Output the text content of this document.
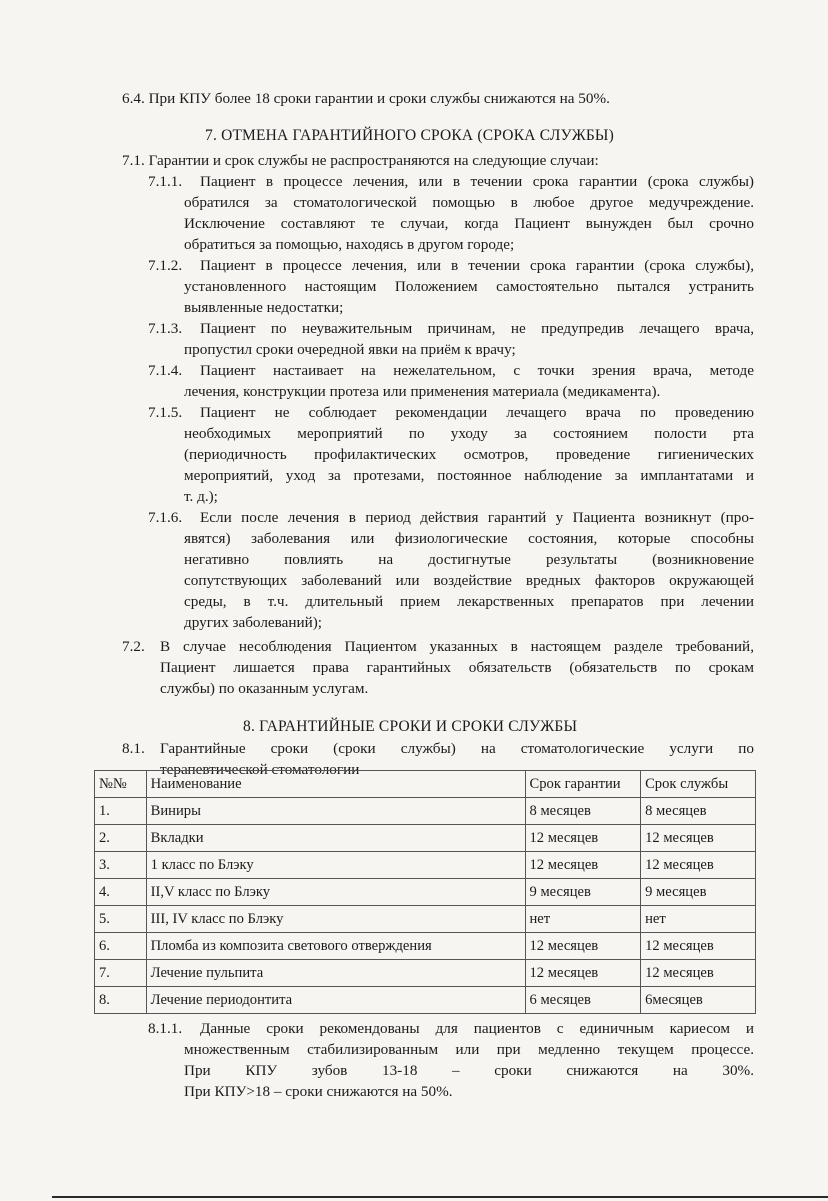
6.4. При КПУ более 18 сроки гарантии и сроки службы снижаются на 50%.
7. ОТМЕНА ГАРАНТИЙНОГО СРОКА (СРОКА СЛУЖБЫ)
7.1. Гарантии и срок службы не распространяются на следующие случаи:
7.1.1. Пациент в процессе лечения, или в течении срока гарантии (срока службы)
обратился за стоматологической помощью в любое другое медучреждение.
Исключение составляют те случаи, когда Пациент вынужден был срочно
обратиться за помощью, находясь в другом городе;
7.1.2. Пациент в процессе лечения, или в течении срока гарантии (срока службы),
установленного настоящим Положением самостоятельно пытался устранить
выявленные недостатки;
7.1.3. Пациент по неуважительным причинам, не предупредив лечащего врача,
пропустил сроки очередной явки на приём к врачу;
7.1.4. Пациент настаивает на нежелательном, с точки зрения врача, методе
лечения, конструкции протеза или применения материала (медикамента).
7.1.5. Пациент не соблюдает рекомендации лечащего врача по проведению
необходимых мероприятий по уходу за состоянием полости рта
(периодичность профилактических осмотров, проведение гигиенических
мероприятий, уход за протезами, постоянное наблюдение за имплантатами и
т. д.);
7.1.6. Если после лечения в период действия гарантий у Пациента возникнут (про-
явятся) заболевания или физиологические состояния, которые способны
негативно повлиять на достигнутые результаты (возникновение
сопутствующих заболеваний или воздействие вредных факторов окружающей
среды, в т.ч. длительный прием лекарственных препаратов при лечении
других заболеваний);
7.2. В случае несоблюдения Пациентом указанных в настоящем разделе требований,
Пациент лишается права гарантийных обязательств (обязательств по срокам
службы) по оказанным услугам.
8. ГАРАНТИЙНЫЕ СРОКИ И СРОКИ СЛУЖБЫ
8.1. Гарантийные сроки (сроки службы) на стоматологические услуги по
терапевтической стоматологии
№№	Наименование	Срок гарантии	Срок службы
1.	Виниры	8 месяцев	8 месяцев
2.	Вкладки	12 месяцев	12 месяцев
3.	1 класс по Блэку	12 месяцев	12 месяцев
4.	II,V класс по Блэку	9 месяцев	9 месяцев
5.	III, IV класс по Блэку	нет	нет
6.	Пломба из композита светового отверждения	12 месяцев	12 месяцев
7.	Лечение пульпита	12 месяцев	12 месяцев
8.	Лечение периодонтита	6 месяцев	6месяцев
8.1.1. Данные сроки рекомендованы для пациентов с единичным кариесом и
множественным стабилизированным или при медленно текущем процессе.
При КПУ зубов 13-18 – сроки снижаются на 30%.
При КПУ>18 – сроки снижаются на 50%.
